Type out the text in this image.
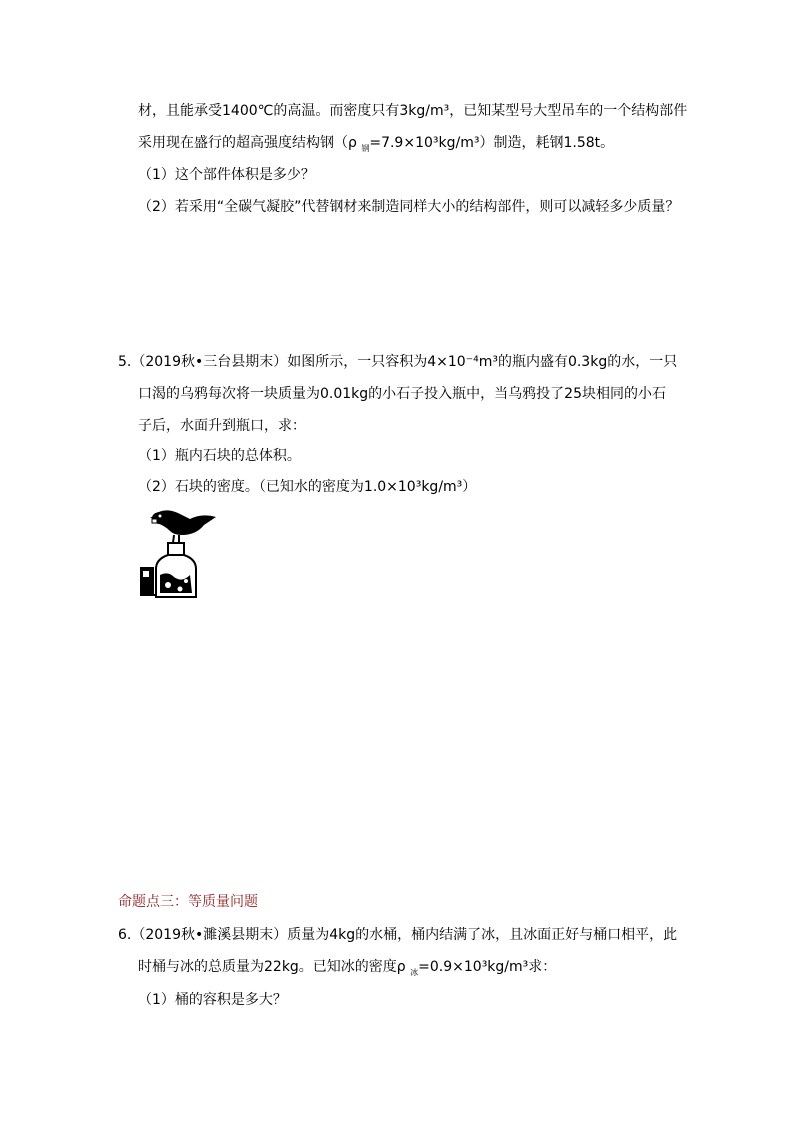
材，且能承受1400℃的高温。而密度只有3kg/m³，已知某型号大型吊车的一个结构部件
采用现在盛行的超高强度结构钢（ρ $_钢$=7.9×10³kg/m³）制造，耗钢1.58t。
（1）这个部件体积是多少？
（2）若采用“全碳气凝胶”代替钢材来制造同样大小的结构部件，则可以减轻多少质量？
5.（2019秋•三台县期末）如图所示，一只容积为4×10⁻⁴m³的瓶内盛有0.3kg的水，一只
口渴的乌鸦每次将一块质量为0.01kg的小石子投入瓶中，当乌鸦投了25块相同的小石
子后，水面升到瓶口，求：
（1）瓶内石块的总体积。
（2）石块的密度。（已知水的密度为1.0×10³kg/m³）
命题点三：等质量问题
6.（2019秋•濉溪县期末）质量为4kg的水桶，桶内结满了冰，且冰面正好与桶口相平，此
时桶与冰的总质量为22kg。已知冰的密度ρ $_冰$=0.9×10³kg/m³求：
（1）桶的容积是多大？
